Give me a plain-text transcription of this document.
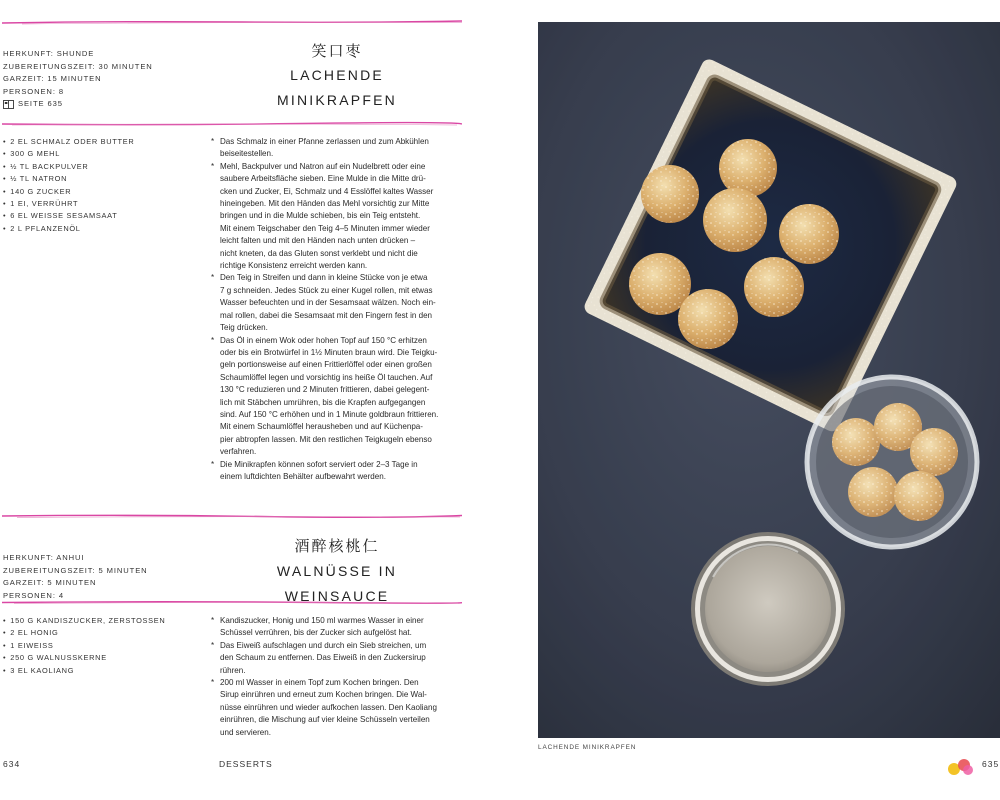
HERKUNFT: SHUNDE
ZUBEREITUNGSZEIT: 30 MINUTEN
GARZEIT: 15 MINUTEN
PERSONEN: 8
SEITE 635
笑口枣
LACHENDE
MINIKRAPFEN
• 2 EL SCHMALZ ODER BUTTER
• 300 G MEHL
• ½ TL BACKPULVER
• ½ TL NATRON
• 140 G ZUCKER
• 1 EI, VERRÜHRT
• 6 EL WEISSE SESAMSAAT
• 2 L PFLANZENÖL
* Das Schmalz in einer Pfanne zerlassen und zum Abkühlen
beiseitestellen.
* Mehl, Backpulver und Natron auf ein Nudelbrett oder eine
saubere Arbeitsfläche sieben. Eine Mulde in die Mitte drü-
cken und Zucker, Ei, Schmalz und 4 Esslöffel kaltes Wasser
hineingeben. Mit den Händen das Mehl vorsichtig zur Mitte
bringen und in die Mulde schieben, bis ein Teig entsteht.
Mit einem Teigschaber den Teig 4–5 Minuten immer wieder
leicht falten und mit den Händen nach unten drücken –
nicht kneten, da das Gluten sonst verklebt und nicht die
richtige Konsistenz erreicht werden kann.
* Den Teig in Streifen und dann in kleine Stücke von je etwa
7 g schneiden. Jedes Stück zu einer Kugel rollen, mit etwas
Wasser befeuchten und in der Sesamsaat wälzen. Noch ein-
mal rollen, dabei die Sesamsaat mit den Fingern fest in den
Teig drücken.
* Das Öl in einem Wok oder hohen Topf auf 150 °C erhitzen
oder bis ein Brotwürfel in 1½ Minuten braun wird. Die Teigku-
geln portionsweise auf einen Frittierlöffel oder einen großen
Schaumlöffel legen und vorsichtig ins heiße Öl tauchen. Auf
130 °C reduzieren und 2 Minuten frittieren, dabei gelegent-
lich mit Stäbchen umrühren, bis die Krapfen aufgegangen
sind. Auf 150 °C erhöhen und in 1 Minute goldbraun frittieren.
Mit einem Schaumlöffel herausheben und auf Küchenpa-
pier abtropfen lassen. Mit den restlichen Teigkugeln ebenso
verfahren.
* Die Minikrapfen können sofort serviert oder 2–3 Tage in
einem luftdichten Behälter aufbewahrt werden.
HERKUNFT: ANHUI
ZUBEREITUNGSZEIT: 5 MINUTEN
GARZEIT: 5 MINUTEN
PERSONEN: 4
酒醉核桃仁
WALNÜSSE IN WEINSAUCE
• 150 G KANDISZUCKER, ZERSTOSSEN
• 2 EL HONIG
• 1 EIWEISS
• 250 G WALNUSSKERNE
• 3 EL KAOLIANG
* Kandiszucker, Honig und 150 ml warmes Wasser in einer
Schüssel verrühren, bis der Zucker sich aufgelöst hat.
* Das Eiweiß aufschlagen und durch ein Sieb streichen, um
den Schaum zu entfernen. Das Eiweiß in den Zuckersirup
rühren.
* 200 ml Wasser in einem Topf zum Kochen bringen. Den
Sirup einrühren und erneut zum Kochen bringen. Die Wal-
nüsse einrühren und wieder aufkochen lassen. Den Kaoliang
einrühren, die Mischung auf vier kleine Schüsseln verteilen
und servieren.
634	DESSERTS
LACHENDE MINIKRAPFEN
635
